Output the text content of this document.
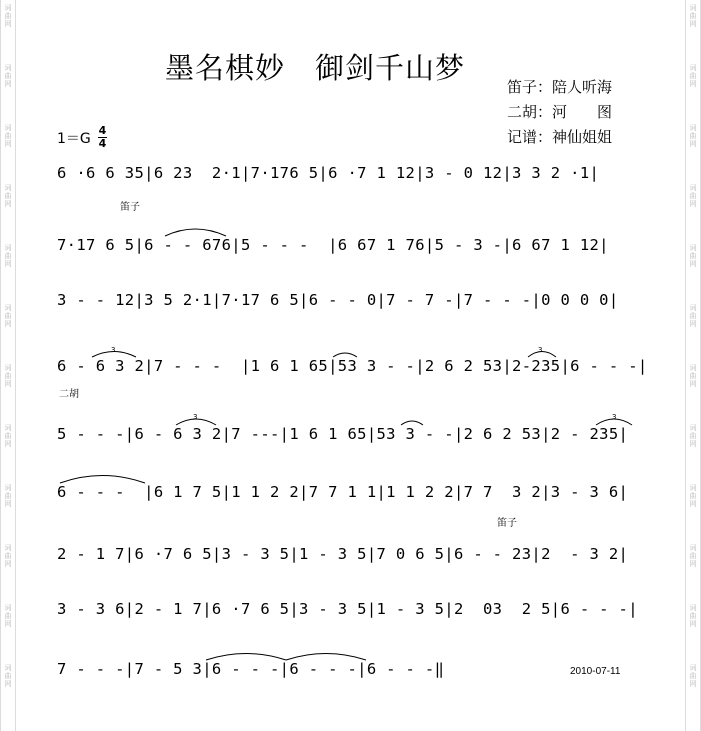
词
曲
网
词
曲
网
词
曲
网
词
曲
网
词
曲
网
词
曲
网
词
曲
网
词
曲
网
词
曲
网
词
曲
网
词
曲
网
词
曲
网
词
曲
网
词
曲
网
词
曲
网
词
曲
网
词
曲
网
词
曲
网
词
曲
网
词
曲
网
词
曲
网
词
曲
网
词
曲
网
词
曲
网
墨名棋妙　御剑千山梦
笛子：陪人听海
二胡：河　　图
记谱：神仙姐姐
1＝G
4
4
6 ·6 6 35|6 23  2·1|7·176 5|6 ·7 1 12|3 - 0 12|3 3 2 ·1|
7·17 6 5|6 - - 676|5 - - -  |6 67 1 76|5 - 3 -|6 67 1 12|
3 - - 12|3 5 2·1|7·17 6 5|6 - - 0|7 - 7 -|7 - - -|0 0 0 0|
6 - 6 3 2|7 - - -  |1 6 1 65|53 3 - -|2 6 2 53|2-235|6 - - -|
5 - - -|6 - 6 3 2|7 ---|1 6 1 65|53 3 - -|2 6 2 53|2 - 235|
6 - - -  |6 1 7 5|1 1 2 2|7 7 1 1|1 1 2 2|7 7  3 2|3 - 3 6|
2 - 1 7|6 ·7 6 5|3 - 3 5|1 - 3 5|7 0 6 5|6 - - 23|2  - 3 2|
3 - 3 6|2 - 1 7|6 ·7 6 5|3 - 3 5|1 - 3 5|2  03  2 5|6 - - -|
7 - - -|7 - 5 3|6 - - -|6 - - -|6 - - -‖
笛子
二胡
笛子
3	3
3	3
2010-07-11
